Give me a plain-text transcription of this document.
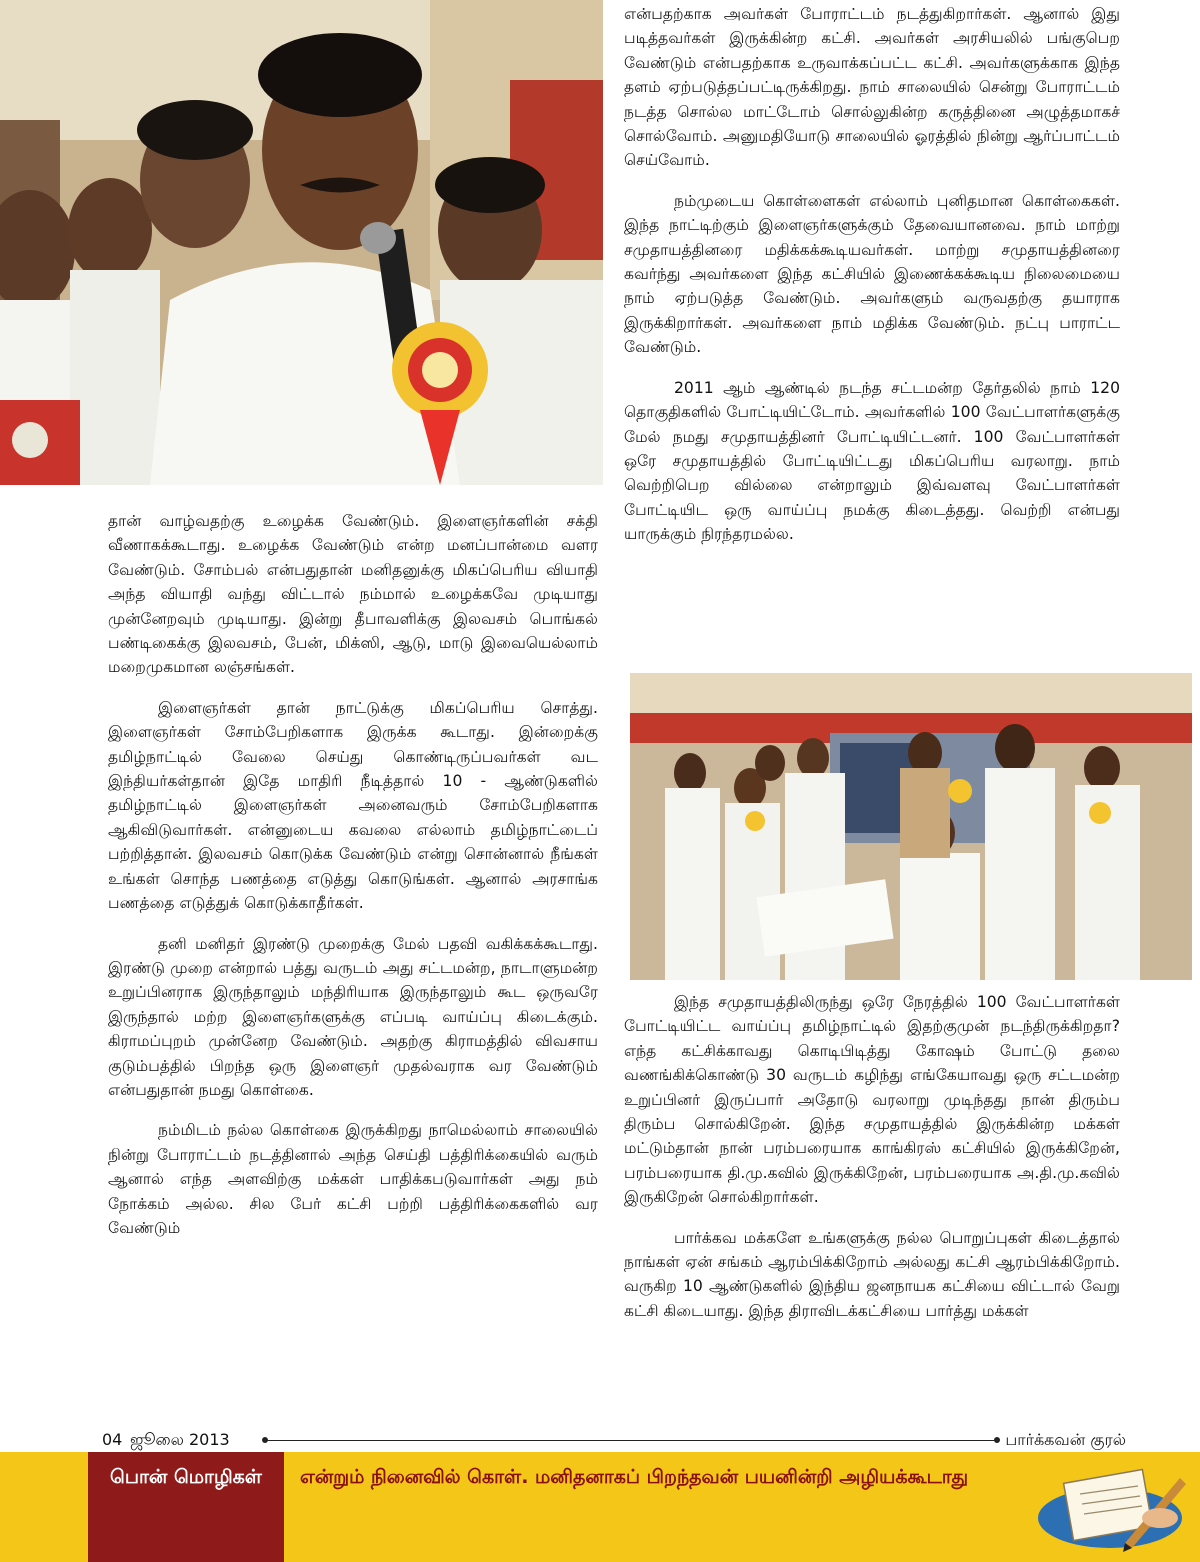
என்பதற்காக அவர்கள் போராட்டம் நடத்துகிறார்கள். ஆனால் இது படித்தவர்கள் இருக்கின்ற கட்சி. அவர்கள் அரசியலில் பங்குபெற வேண்டும் என்பதற்காக உருவாக்கப்பட்ட கட்சி. அவர்களுக்காக இந்த தளம் ஏற்படுத்தப்பட்டிருக்கிறது. நாம் சாலையில் சென்று போராட்டம் நடத்த சொல்ல மாட்டோம் சொல்லுகின்ற கருத்தினை அழுத்தமாகச் சொல்வோம். அனுமதியோடு சாலையில் ஓரத்தில் நின்று ஆர்ப்பாட்டம் செய்வோம்.

நம்முடைய கொள்ளைகள் எல்லாம் புனிதமான கொள்கைகள். இந்த நாட்டிற்கும் இளைஞர்களுக்கும் தேவையானவை. நாம் மாற்று சமுதாயத்தினரை மதிக்கக்கூடியவர்கள். மாற்று சமுதாயத்தினரை கவர்ந்து அவர்களை இந்த கட்சியில் இணைக்கக்கூடிய நிலைமையை நாம் ஏற்படுத்த வேண்டும். அவர்களும் வருவதற்கு தயாராக இருக்கிறார்கள். அவர்களை நாம் மதிக்க வேண்டும். நட்பு பாராட்ட வேண்டும்.

2011 ஆம் ஆண்டில் நடந்த சட்டமன்ற தேர்தலில் நாம் 120 தொகுதிகளில் போட்டியிட்டோம். அவர்களில் 100 வேட்பாளர்களுக்கு மேல் நமது சமுதாயத்தினர் போட்டியிட்டனர். 100 வேட்பாளர்கள் ஒரே சமுதாயத்தில் போட்டியிட்டது மிகப்பெரிய வரலாறு. நாம் வெற்றிபெற வில்லை என்றாலும் இவ்வளவு வேட்பாளர்கள் போட்டியிட ஒரு வாய்ப்பு நமக்கு கிடைத்தது. வெற்றி என்பது யாருக்கும் நிரந்தரமல்ல.

தான் வாழ்வதற்கு உழைக்க வேண்டும். இளைஞர்களின் சக்தி வீணாகக்கூடாது. உழைக்க வேண்டும் என்ற மனப்பான்மை வளர வேண்டும். சோம்பல் என்பதுதான் மனிதனுக்கு மிகப்பெரிய வியாதி அந்த வியாதி வந்து விட்டால் நம்மால் உழைக்கவே முடியாது முன்னேறவும் முடியாது. இன்று தீபாவளிக்கு இலவசம் பொங்கல் பண்டிகைக்கு இலவசம், பேன், மிக்ஸி, ஆடு, மாடு இவையெல்லாம் மறைமுகமான லஞ்சங்கள்.

இளைஞர்கள் தான் நாட்டுக்கு மிகப்பெரிய சொத்து. இளைஞர்கள் சோம்பேறிகளாக இருக்க கூடாது. இன்றைக்கு தமிழ்நாட்டில் வேலை செய்து கொண்டிருப்பவர்கள் வட இந்தியர்கள்தான் இதே மாதிரி நீடித்தால் 10 - ஆண்டுகளில் தமிழ்நாட்டில் இளைஞர்கள் அனைவரும் சோம்பேறிகளாக ஆகிவிடுவார்கள். என்னுடைய கவலை எல்லாம் தமிழ்நாட்டைப் பற்றித்தான். இலவசம் கொடுக்க வேண்டும் என்று சொன்னால் நீங்கள் உங்கள் சொந்த பணத்தை எடுத்து கொடுங்கள். ஆனால் அரசாங்க பணத்தை எடுத்துக் கொடுக்காதீர்கள்.

தனி மனிதர் இரண்டு முறைக்கு மேல் பதவி வகிக்கக்கூடாது. இரண்டு முறை என்றால் பத்து வருடம் அது சட்டமன்ற, நாடாளுமன்ற உறுப்பினராக இருந்தாலும் மந்திரியாக இருந்தாலும் கூட ஒருவரே இருந்தால் மற்ற இளைஞர்களுக்கு எப்படி வாய்ப்பு கிடைக்கும். கிராமப்புறம் முன்னேற வேண்டும். அதற்கு கிராமத்தில் விவசாய குடும்பத்தில் பிறந்த ஒரு இளைஞர் முதல்வராக வர வேண்டும் என்பதுதான் நமது கொள்கை.

நம்மிடம் நல்ல கொள்கை இருக்கிறது நாமெல்லாம் சாலையில் நின்று போராட்டம் நடத்தினால் அந்த செய்தி பத்திரிக்கையில் வரும் ஆனால் எந்த அளவிற்கு மக்கள் பாதிக்கபடுவார்கள் அது நம் நோக்கம் அல்ல. சில பேர் கட்சி பற்றி பத்திரிக்கைகளில் வர வேண்டும்

இந்த சமுதாயத்திலிருந்து ஒரே நேரத்தில் 100 வேட்பாளர்கள் போட்டியிட்ட வாய்ப்பு தமிழ்நாட்டில் இதற்குமுன் நடந்திருக்கிறதா? எந்த கட்சிக்காவது கொடிபிடித்து கோஷம் போட்டு தலை வணங்கிக்கொண்டு 30 வருடம் கழிந்து எங்கேயாவது ஒரு சட்டமன்ற உறுப்பினர் இருப்பார் அதோடு வரலாறு முடிந்தது நான் திரும்ப திரும்ப சொல்கிறேன். இந்த சமுதாயத்தில் இருக்கின்ற மக்கள் மட்டும்தான் நான் பரம்பரையாக காங்கிரஸ் கட்சியில் இருக்கிறேன், பரம்பரையாக தி.மு.கவில் இருக்கிறேன், பரம்பரையாக அ.தி.மு.கவில் இருகிறேன் சொல்கிறார்கள்.

பார்க்கவ மக்களே உங்களுக்கு நல்ல பொறுப்புகள் கிடைத்தால் நாங்கள் ஏன் சங்கம் ஆரம்பிக்கிறோம் அல்லது கட்சி ஆரம்பிக்கிறோம். வருகிற 10 ஆண்டுகளில் இந்திய ஜனநாயக கட்சியை விட்டால் வேறு கட்சி கிடையாது. இந்த திராவிடக்கட்சியை பார்த்து மக்கள்

04 ஜூலை 2013	பார்க்கவன் குரல்
பொன் மொழிகள்	என்றும் நினைவில் கொள். மனிதனாகப் பிறந்தவன் பயனின்றி அழியக்கூடாது
